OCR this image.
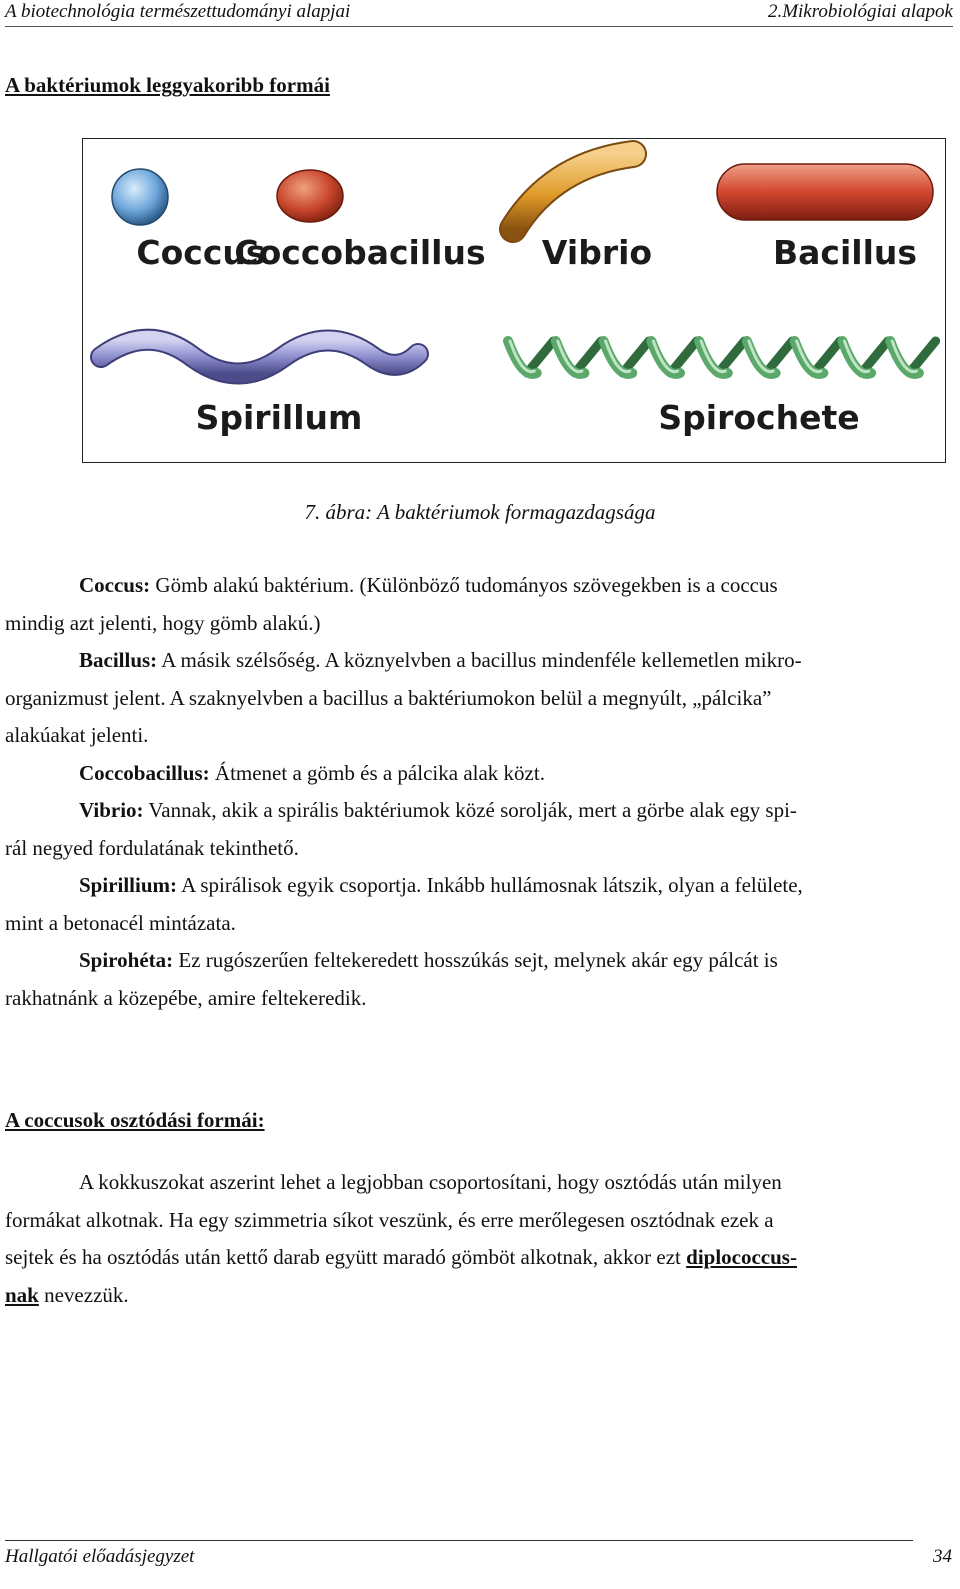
A biotechnológia természettudományi alapjai	2.Mikrobiológiai alapok
A baktériumok leggyakoribb formái
Coccus
Coccobacillus Vibrio	Bacillus
Spirillum	Spirochete
7. ábra: A baktériumok formagazdagsága
Coccus: Gömb alakú baktérium. (Különböző tudományos szövegekben is a coccus
mindig azt jelenti, hogy gömb alakú.)
Bacillus: A másik szélsőség. A köznyelvben a bacillus mindenféle kellemetlen mikro-
organizmust jelent. A szaknyelvben a bacillus a baktériumokon belül a megnyúlt, „pálcika”
alakúakat jelenti.
Coccobacillus: Átmenet a gömb és a pálcika alak közt.
Vibrio: Vannak, akik a spirális baktériumok közé sorolják, mert a görbe alak egy spi-
rál negyed fordulatának tekinthető.
Spirillium: A spirálisok egyik csoportja. Inkább hullámosnak látszik, olyan a felülete,
mint a betonacél mintázata.
Spirohéta: Ez rugószerűen feltekeredett hosszúkás sejt, melynek akár egy pálcát is
rakhatnánk a közepébe, amire feltekeredik.
A coccusok osztódási formái:
A kokkuszokat aszerint lehet a legjobban csoportosítani, hogy osztódás után milyen
formákat alkotnak. Ha egy szimmetria síkot veszünk, és erre merőlegesen osztódnak ezek a
sejtek és ha osztódás után kettő darab együtt maradó gömböt alkotnak, akkor ezt diplococcus-
nak nevezzük.
Hallgatói előadásjegyzet	34
